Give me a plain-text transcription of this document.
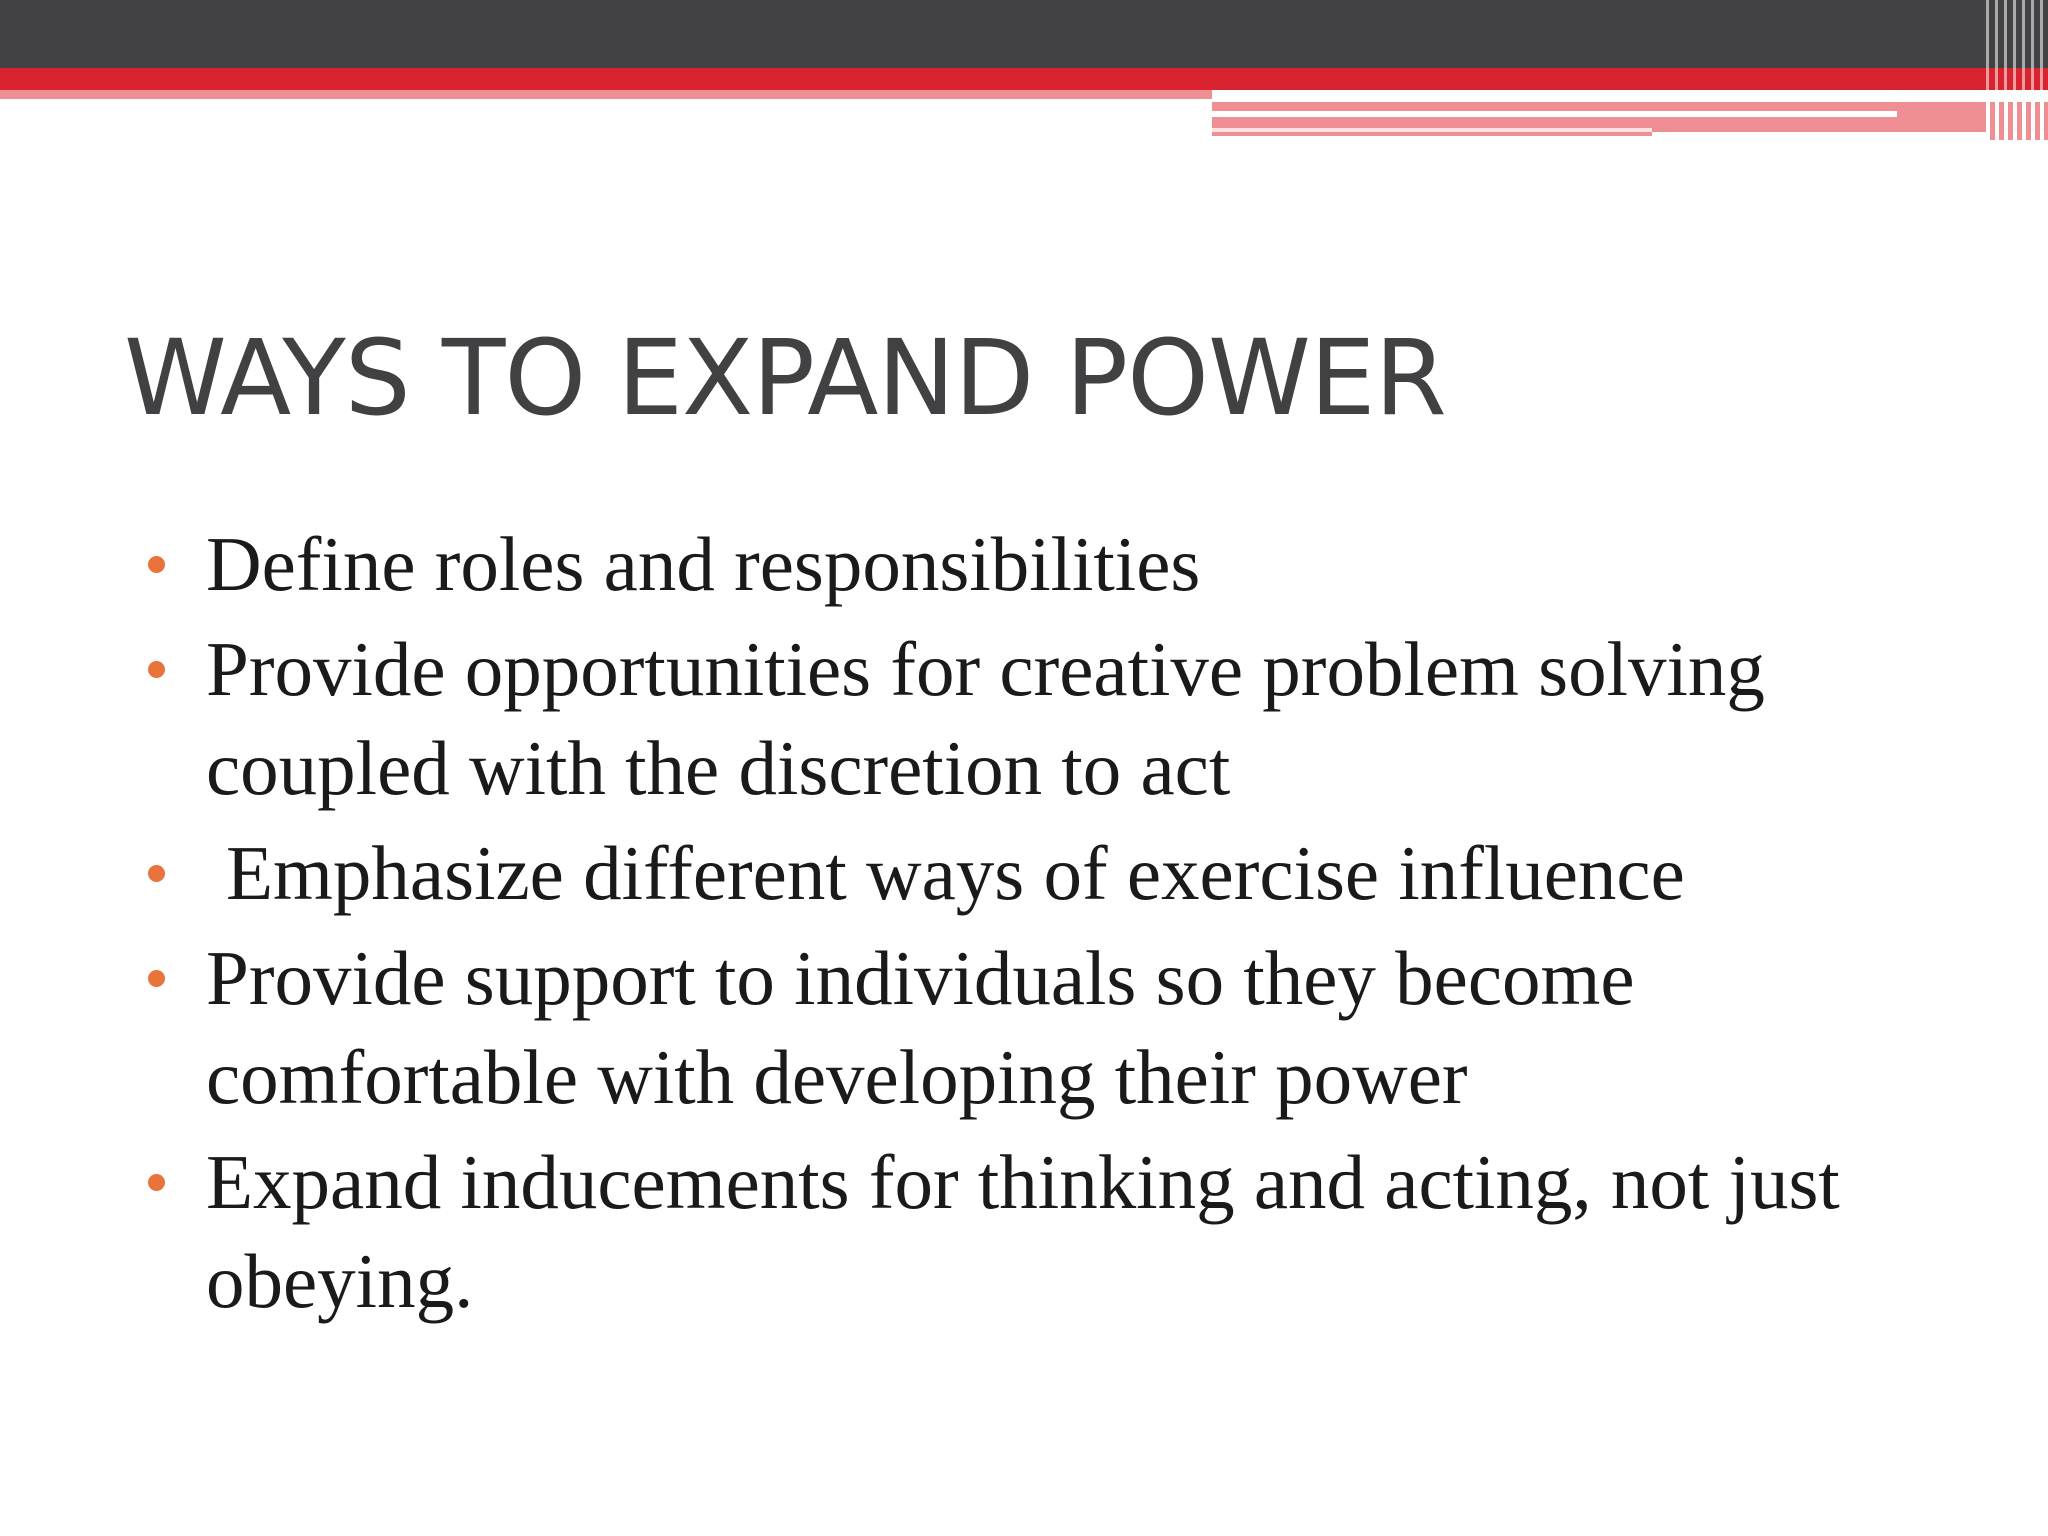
WAYS TO EXPAND POWER
Define roles and responsibilities
Provide opportunities for creative problem solving coupled with the discretion to act
Emphasize different ways of exercise influence
Provide support to individuals so they become comfortable with developing their power
Expand inducements for thinking and acting, not just obeying.
